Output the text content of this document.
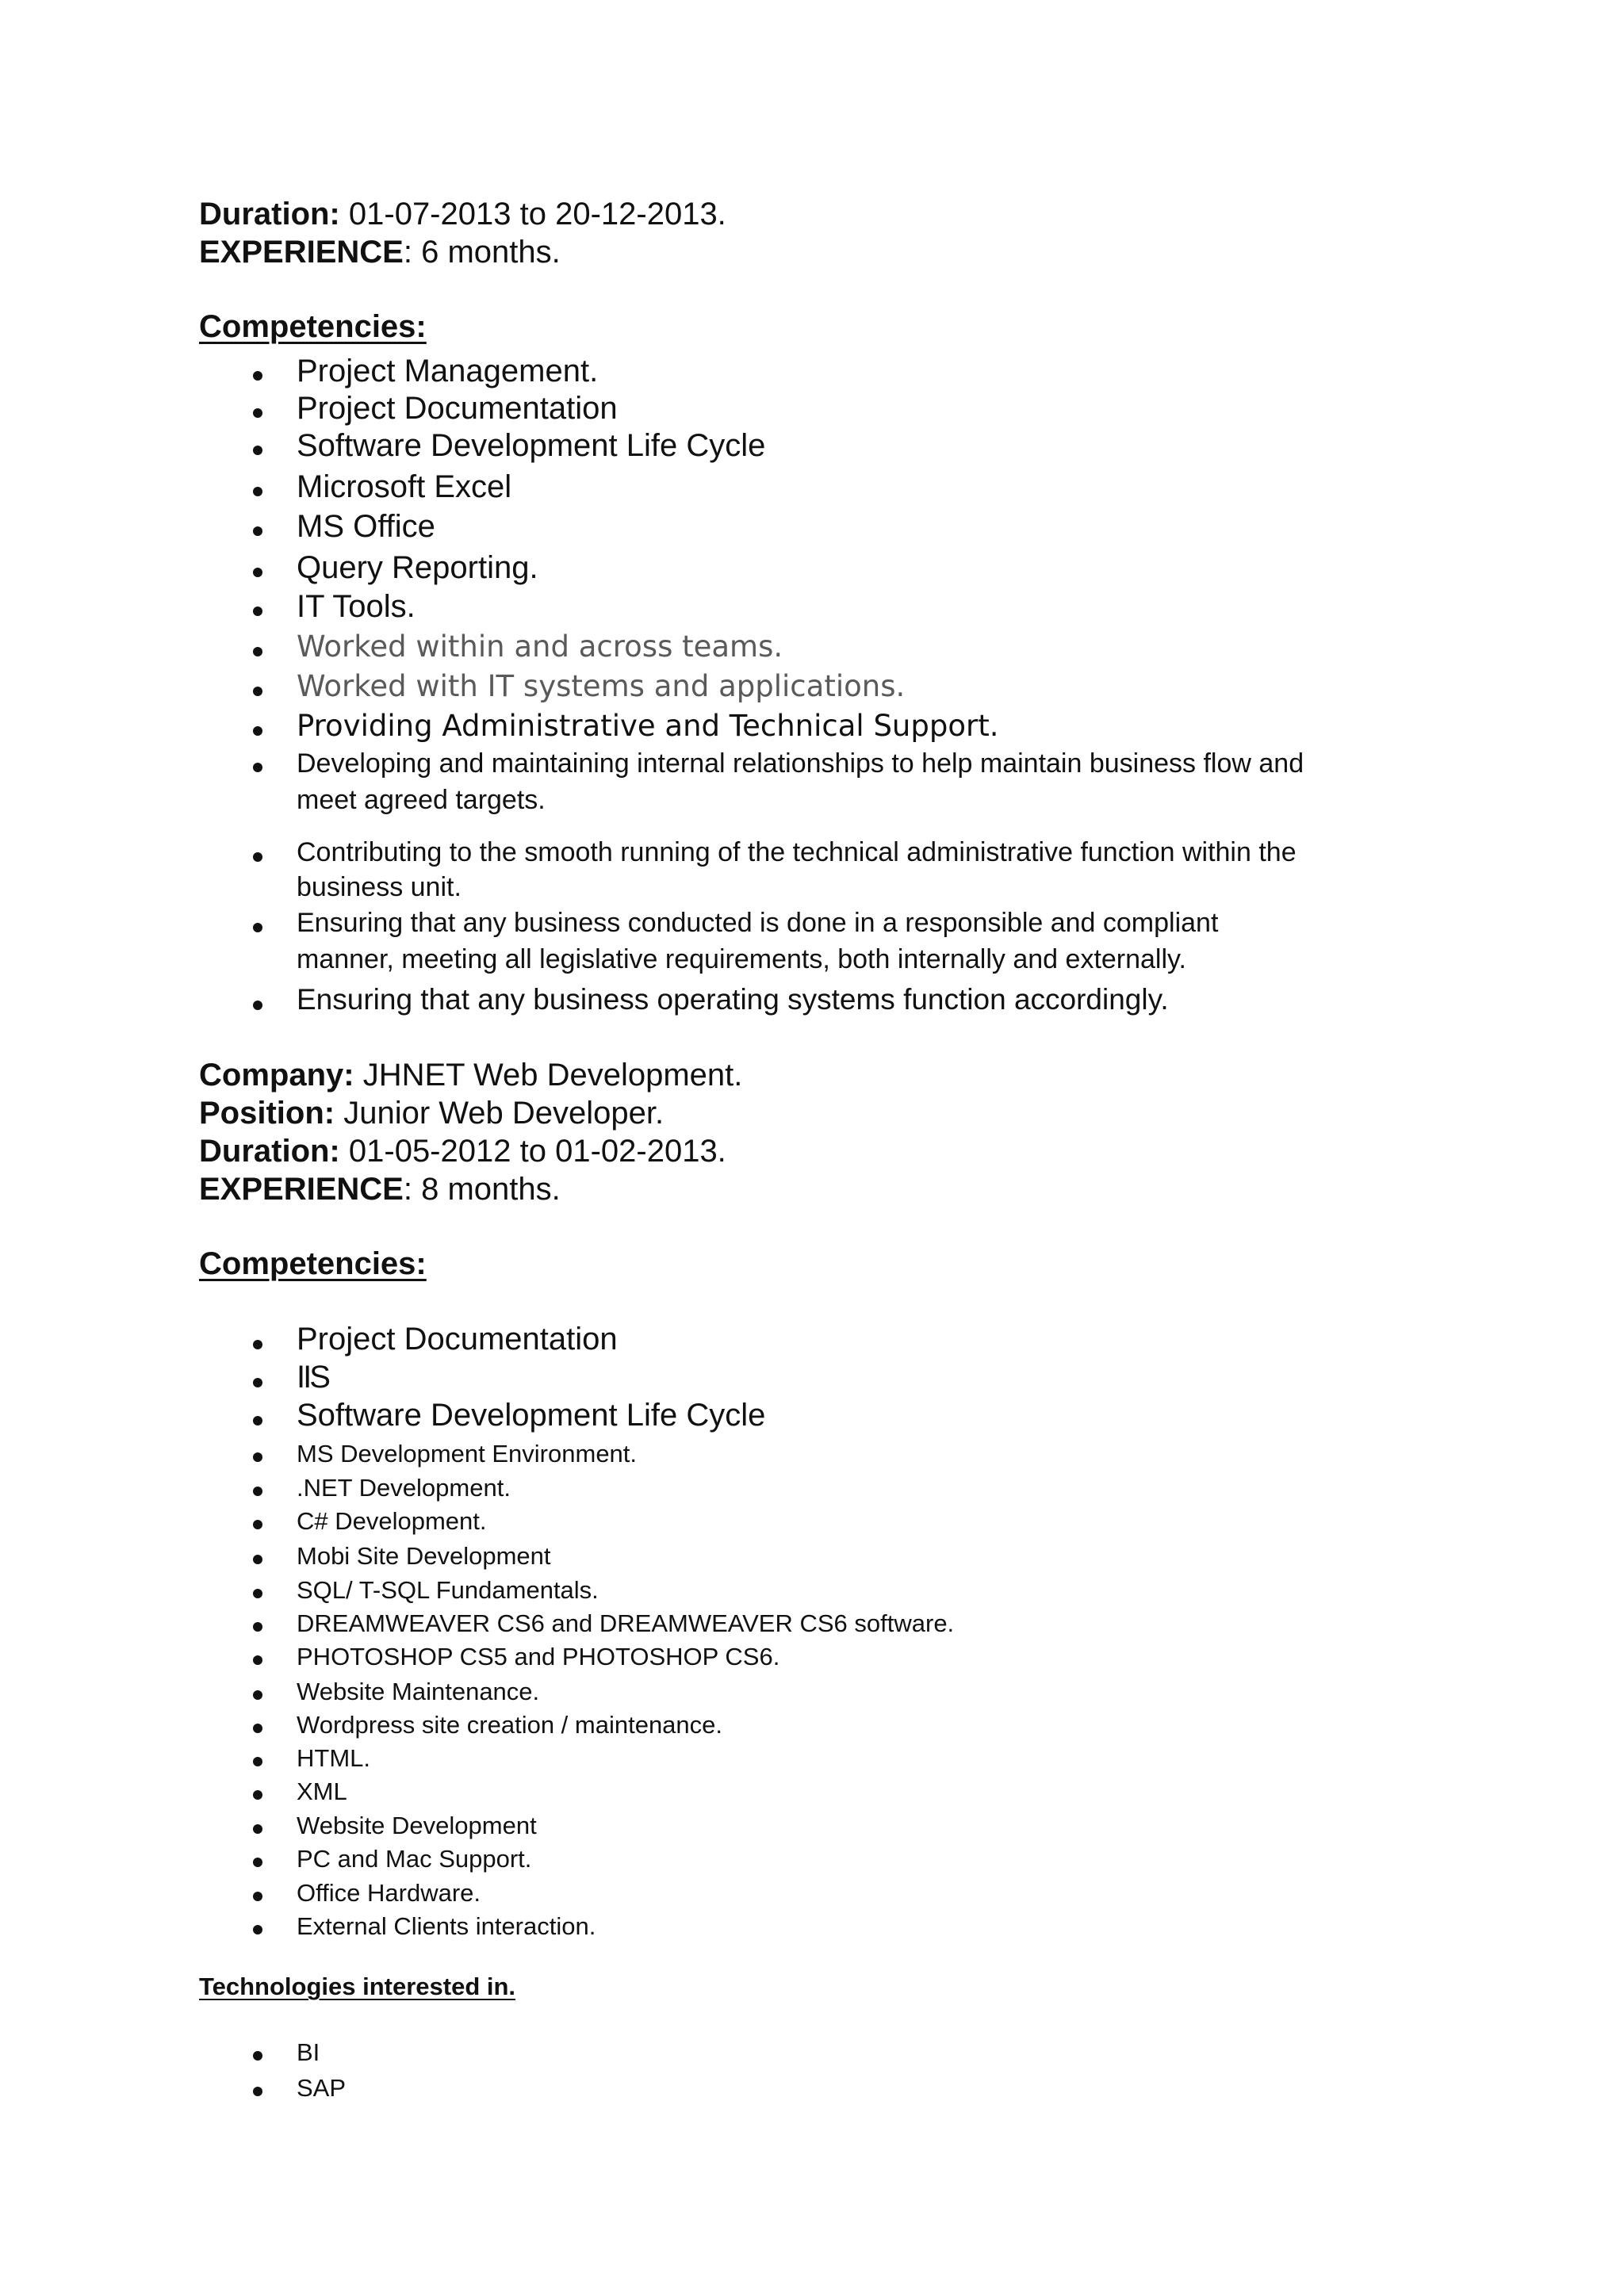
Duration: 01-07-2013 to 20-12-2013.
EXPERIENCE: 6 months.
Competencies:
Project Management.
Project Documentation
Software Development Life Cycle
Microsoft Excel
MS Office
Query Reporting.
IT Tools.
Worked within and across teams.
Worked with IT systems and applications.
Providing Administrative and Technical Support.
Developing and maintaining internal relationships to help maintain business flow and
meet agreed targets.
Contributing to the smooth running of the technical administrative function within the
business unit.
Ensuring that any business conducted is done in a responsible and compliant
manner, meeting all legislative requirements, both internally and externally.
Ensuring that any business operating systems function accordingly.
Company: JHNET Web Development.
Position: Junior Web Developer.
Duration: 01-05-2012 to 01-02-2013.
EXPERIENCE: 8 months.
Competencies:
Project Documentation
IIS
Software Development Life Cycle
MS Development Environment.
.NET Development.
C# Development.
Mobi Site Development
SQL/ T-SQL Fundamentals.
DREAMWEAVER CS6 and DREAMWEAVER CS6 software.
PHOTOSHOP CS5 and PHOTOSHOP CS6.
Website Maintenance.
Wordpress site creation / maintenance.
HTML.
XML
Website Development
PC and Mac Support.
Office Hardware.
External Clients interaction.
Technologies interested in.
BI
SAP
